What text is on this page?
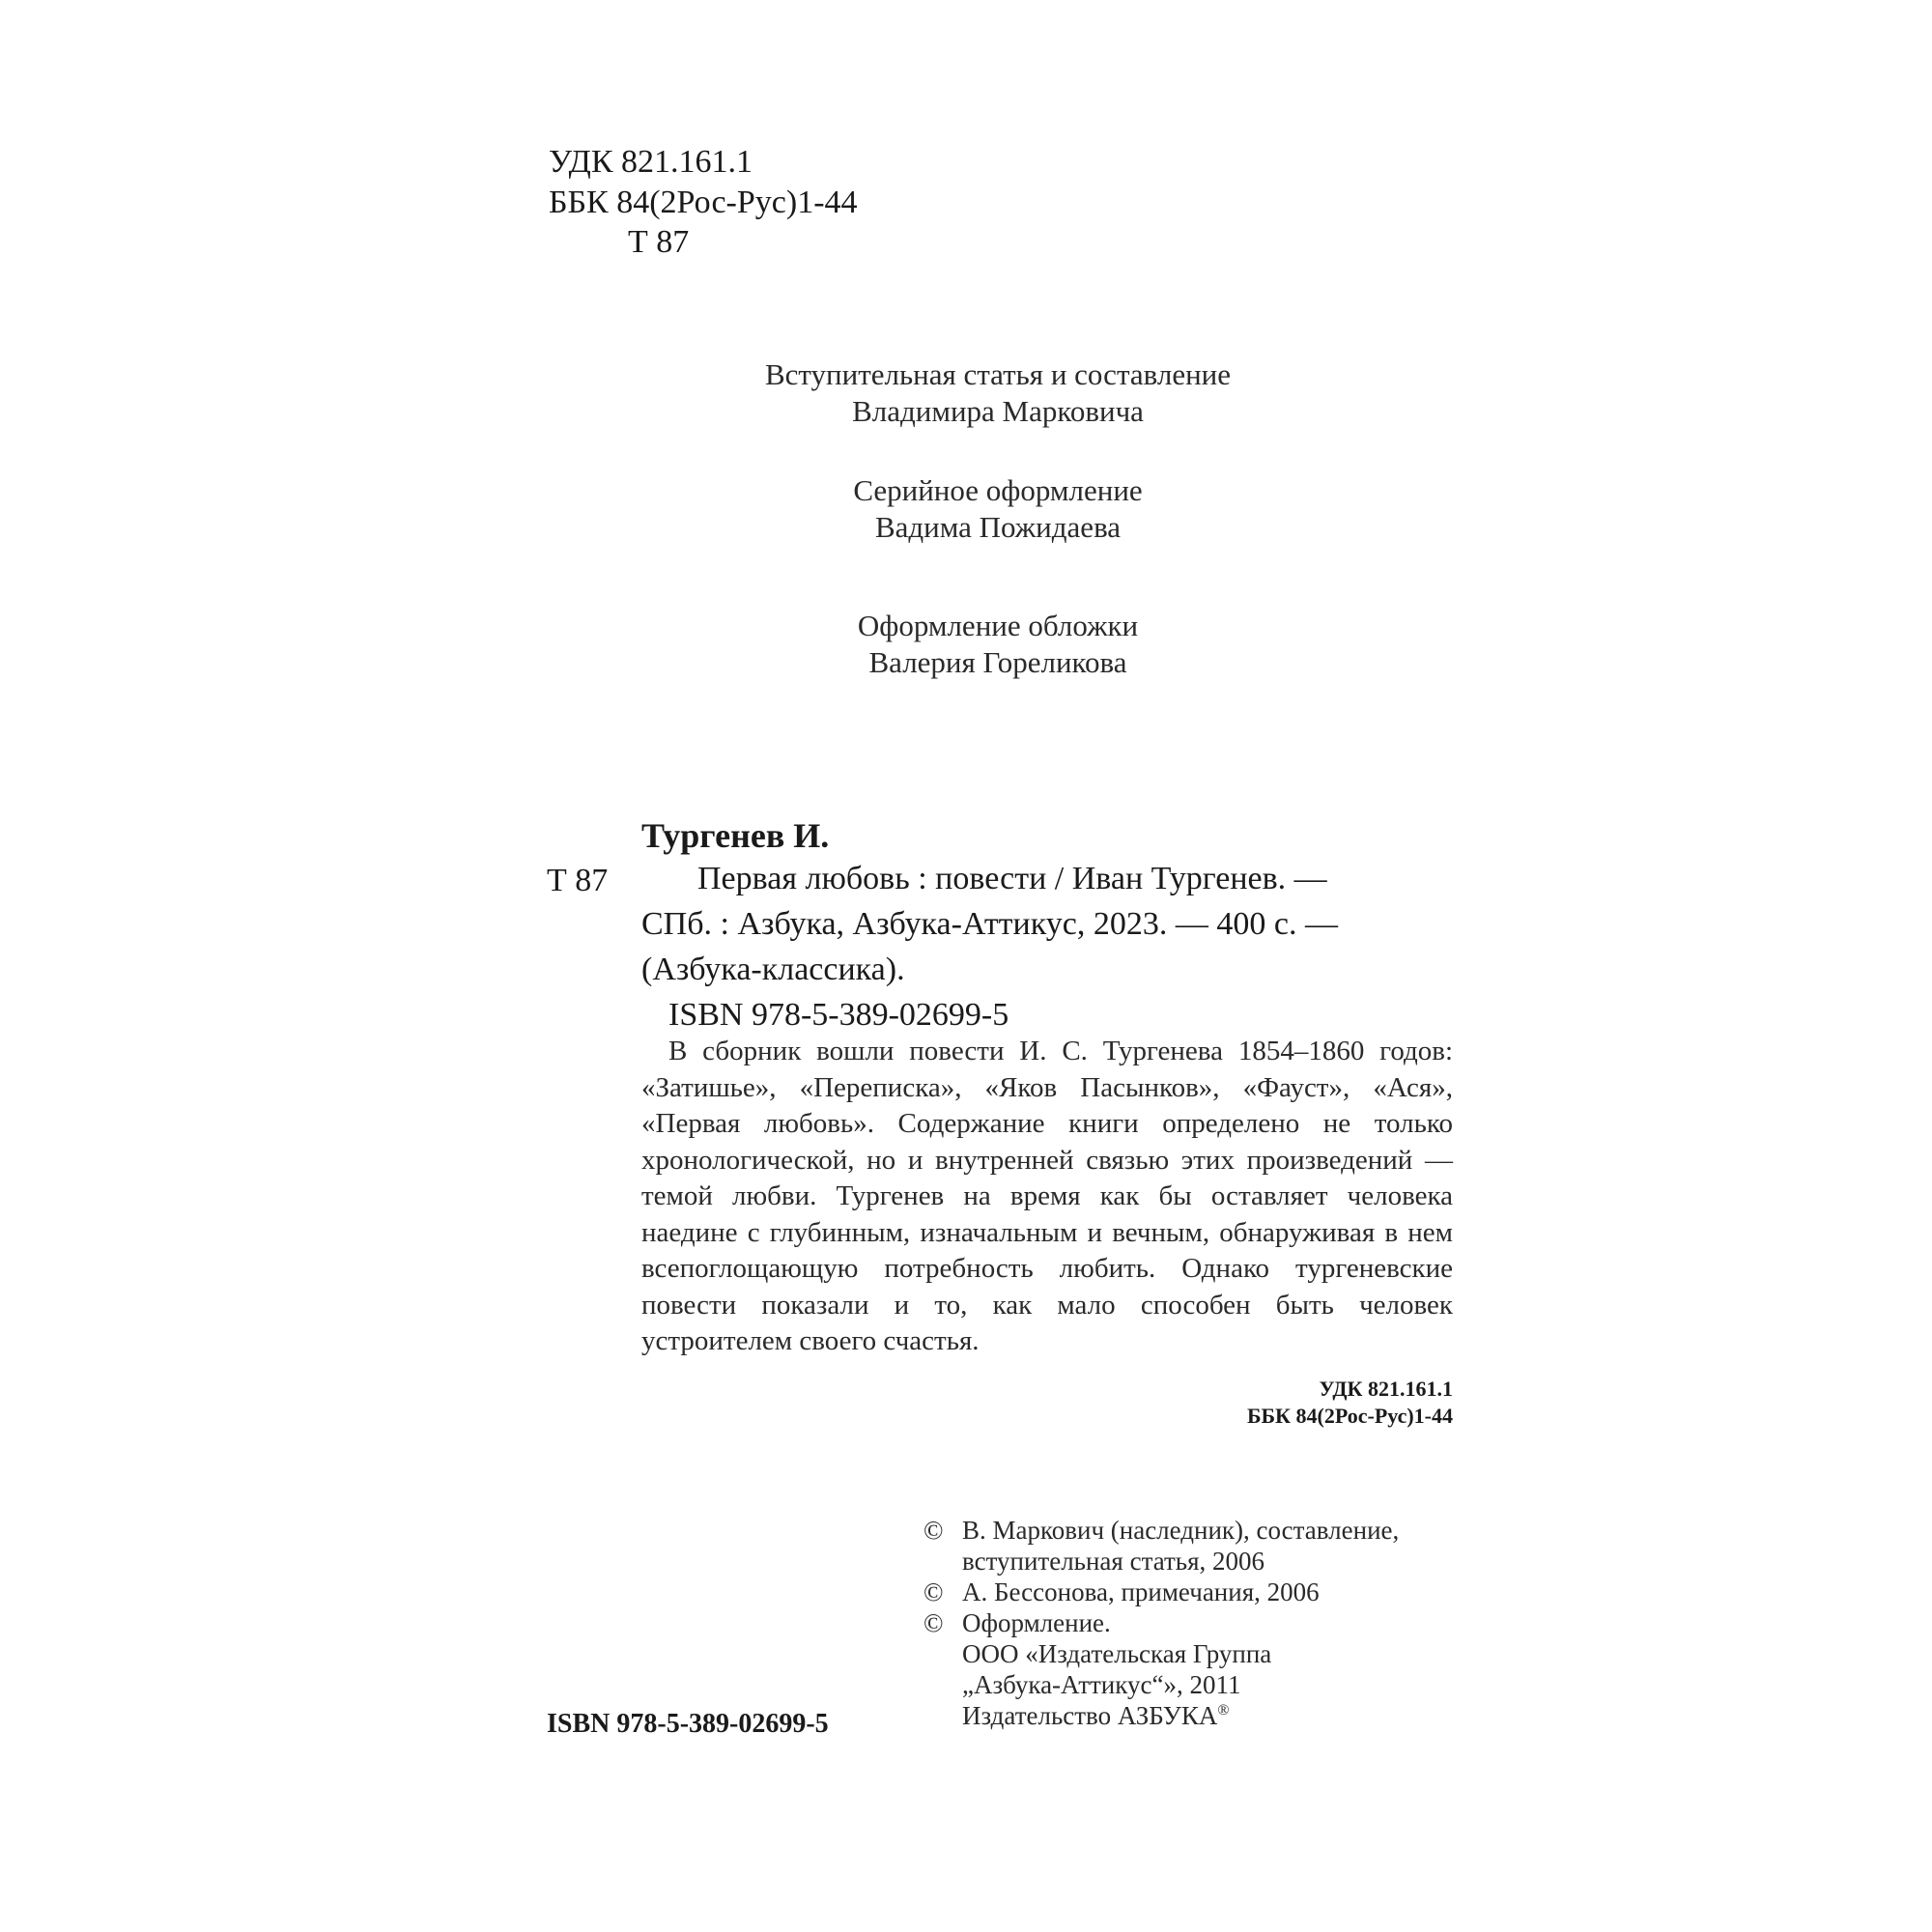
УДК 821.161.1
ББК 84(2Рос-Рус)1-44
Т 87
Вступительная статья и составление
Владимира Марковича
Серийное оформление
Вадима Пожидаева
Оформление обложки
Валерия Гореликова
Тургенев И.
Т 87	Первая любовь : повести / Иван Тургенев. —
СПб. : Азбука, Азбука-Аттикус, 2023. — 400 с. —
(Азбука-классика).
ISBN 978-5-389-02699-5

В сборник вошли повести И. С. Тургенева 1854–1860 годов: «Затишье», «Переписка», «Яков Пасынков», «Фауст», «Ася», «Первая любовь». Содержание книги определено не только хронологической, но и внутренней связью этих произведений — темой любви. Тургенев на время как бы оставляет человека наедине с глубинным, изначальным и вечным, обнаруживая в нем всепоглощающую потребность любить. Однако тургеневские повести показали и то, как мало способен быть человек устроителем своего счастья.

УДК 821.161.1
ББК 84(2Рос-Рус)1-44
© В. Маркович (наследник), составление,
вступительная статья, 2006
© А. Бессонова, примечания, 2006
© Оформление.
ООО «Издательская Группа
„Азбука-Аттикус“», 2011
Издательство АЗБУКА®
ISBN 978-5-389-02699-5
